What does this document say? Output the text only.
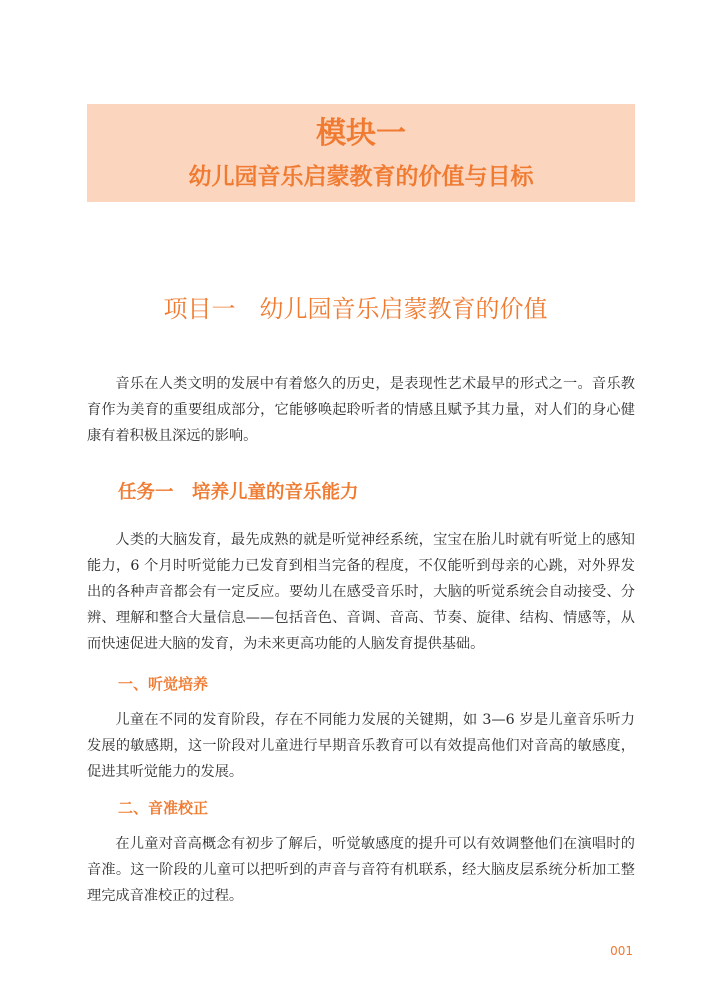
模块一
幼儿园音乐启蒙教育的价值与目标
项目一　幼儿园音乐启蒙教育的价值

音乐在人类文明的发展中有着悠久的历史，是表现性艺术最早的形式之一。音乐教育作为美育的重要组成部分，它能够唤起聆听者的情感且赋予其力量，对人们的身心健康有着积极且深远的影响。

任务一　培养儿童的音乐能力

人类的大脑发育，最先成熟的就是听觉神经系统，宝宝在胎儿时就有听觉上的感知能力，6 个月时听觉能力已发育到相当完备的程度，不仅能听到母亲的心跳，对外界发出的各种声音都会有一定反应。要幼儿在感受音乐时，大脑的听觉系统会自动接受、分辨、理解和整合大量信息——包括音色、音调、音高、节奏、旋律、结构、情感等，从而快速促进大脑的发育，为未来更高功能的人脑发育提供基础。

一、听觉培养

儿童在不同的发育阶段，存在不同能力发展的关键期，如 3—6 岁是儿童音乐听力发展的敏感期，这一阶段对儿童进行早期音乐教育可以有效提高他们对音高的敏感度，促进其听觉能力的发展。

二、音准校正

在儿童对音高概念有初步了解后，听觉敏感度的提升可以有效调整他们在演唱时的音准。这一阶段的儿童可以把听到的声音与音符有机联系，经大脑皮层系统分析加工整理完成音准校正的过程。

001
